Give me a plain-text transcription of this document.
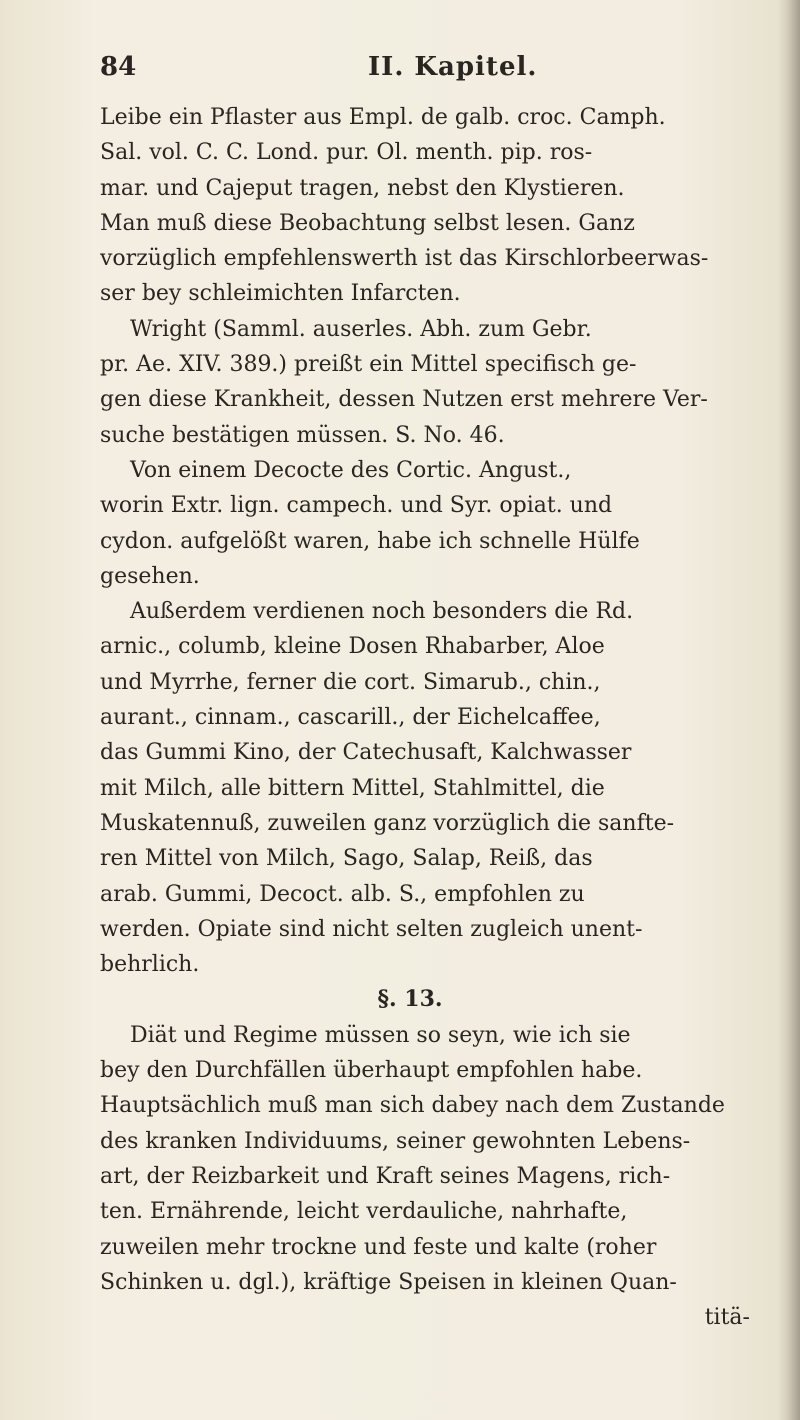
84	II. Kapitel.
Leibe ein Pflaster aus Empl. de galb. croc. Camph.
Sal. vol. C. C. Lond. pur. Ol. menth. pip. ros-
mar. und Cajeput tragen, nebst den Klystieren.
Man muß diese Beobachtung selbst lesen. Ganz
vorzüglich empfehlenswerth ist das Kirschlorbeerwas-
ser bey schleimichten Infarcten.
Wright (Samml. auserles. Abh. zum Gebr.
pr. Ae. XIV. 389.) preißt ein Mittel specifisch ge-
gen diese Krankheit, dessen Nutzen erst mehrere Ver-
suche bestätigen müssen. S. No. 46.
Von einem Decocte des Cortic. Angust.,
worin Extr. lign. campech. und Syr. opiat. und
cydon. aufgelößt waren, habe ich schnelle Hülfe
gesehen.
Außerdem verdienen noch besonders die Rd.
arnic., columb, kleine Dosen Rhabarber, Aloe
und Myrrhe, ferner die cort. Simarub., chin.,
aurant., cinnam., cascarill., der Eichelcaffee,
das Gummi Kino, der Catechusaft, Kalchwasser
mit Milch, alle bittern Mittel, Stahlmittel, die
Muskatennuß, zuweilen ganz vorzüglich die sanfte-
ren Mittel von Milch, Sago, Salap, Reiß, das
arab. Gummi, Decoct. alb. S., empfohlen zu
werden. Opiate sind nicht selten zugleich unent-
behrlich.
§. 13.
Diät und Regime müssen so seyn, wie ich sie
bey den Durchfällen überhaupt empfohlen habe.
Hauptsächlich muß man sich dabey nach dem Zustande
des kranken Individuums, seiner gewohnten Lebens-
art, der Reizbarkeit und Kraft seines Magens, rich-
ten. Ernährende, leicht verdauliche, nahrhafte,
zuweilen mehr trockne und feste und kalte (roher
Schinken u. dgl.), kräftige Speisen in kleinen Quan-
titä-
